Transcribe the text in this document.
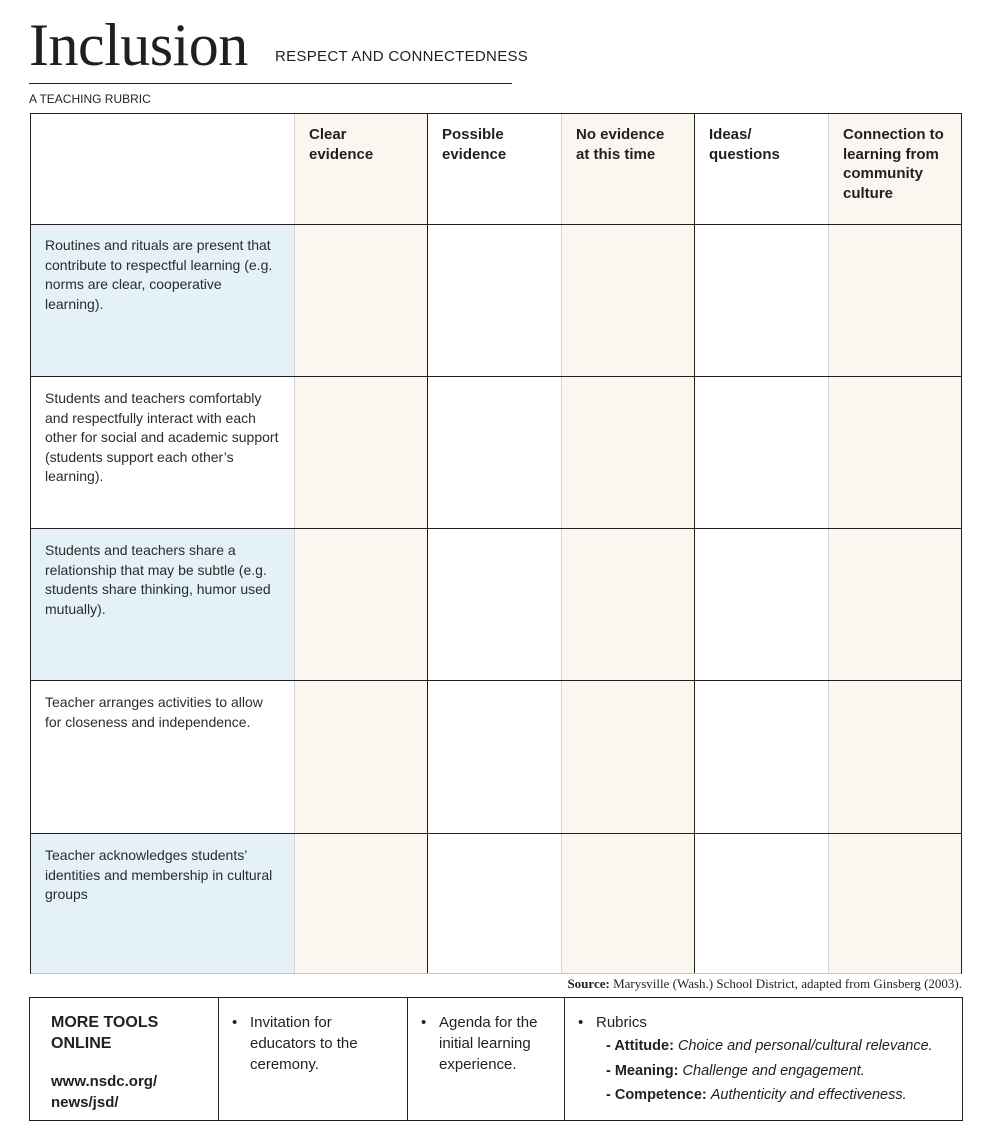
Inclusion RESPECT AND CONNECTEDNESS
A TEACHING RUBRIC
Routines and rituals are present that contribute to respectful learning (e.g. norms are clear, cooperative learning).
Students and teachers comfortably and respectfully interact with each other for social and academic support (students support each other’s learning).
Students and teachers share a relationship that may be subtle (e.g. students share thinking, humor used mutually).
Teacher arranges activities to allow for closeness and independence.
Teacher acknowledges students’ identities and membership in cultural groups
Clear evidence
Possible evidence
No evidence at this time
Ideas/ questions
Connection to learning from community culture
Source: Marysville (Wash.) School District, adapted from Ginsberg (2003).
MORE TOOLS ONLINE
www.nsdc.org/ news/jsd/
• Invitation for educators to the ceremony.
• Agenda for the initial learning experience.
• Rubrics
- Attitude: Choice and personal/cultural relevance.
- Meaning: Challenge and engagement.
- Competence: Authenticity and effectiveness.
